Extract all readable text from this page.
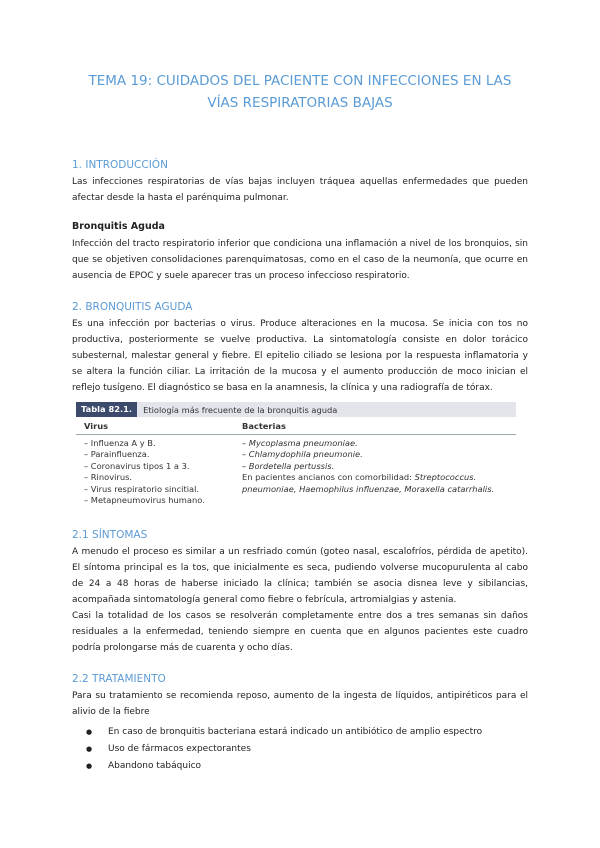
TEMA 19: CUIDADOS DEL PACIENTE CON INFECCIONES EN LAS
VÍAS RESPIRATORIAS BAJAS
1. INTRODUCCIÓN

Las infecciones respiratorias de vías bajas incluyen tráquea aquellas enfermedades que pueden afectar desde la hasta el parénquima pulmonar.

Bronquitis Aguda

Infección del tracto respiratorio inferior que condiciona una inflamación a nivel de los bronquios, sin que se objetiven consolidaciones parenquimatosas, como en el caso de la neumonía, que ocurre en ausencia de EPOC y suele aparecer tras un proceso infeccioso respiratorio.

2. BRONQUITIS AGUDA

Es una infección por bacterias o virus. Produce alteraciones en la mucosa. Se inicia con tos no productiva, posteriormente se vuelve productiva. La sintomatología consiste en dolor torácico subesternal, malestar general y fiebre. El epitelio ciliado se lesiona por la respuesta inflamatoria y se altera la función ciliar. La irritación de la mucosa y el aumento producción de moco inician el reflejo tusígeno. El diagnóstico se basa en la anamnesis, la clínica y una radiografía de tórax.

Tabla 82.1.	Etiología más frecuente de la bronquitis aguda
Virus	Bacterias
– Influenza A y B.
– Parainfluenza.
– Coronavirus tipos 1 a 3.
– Rinovirus.
– Virus respiratorio sincitial.
– Metapneumovirus humano.
– Mycoplasma pneumoniae.
– Chlamydophila pneumonie.
– Bordetella pertussis.
En pacientes ancianos con comorbilidad: Streptococcus.
pneumoniae, Haemophilus influenzae, Moraxella catarrhalis.
2.1 SÍNTOMAS

A menudo el proceso es similar a un resfriado común (goteo nasal, escalofríos, pérdida de apetito). El síntoma principal es la tos, que inicialmente es seca, pudiendo volverse mucopurulenta al cabo de 24 a 48 horas de haberse iniciado la clínica; también se asocia disnea leve y sibilancias, acompañada sintomatología general como fiebre o febrícula, artromialgias y astenia.

Casi la totalidad de los casos se resolverán completamente entre dos a tres semanas sin daños residuales a la enfermedad, teniendo siempre en cuenta que en algunos pacientes este cuadro podría prolongarse más de cuarenta y ocho días.

2.2 TRATAMIENTO

Para su tratamiento se recomienda reposo, aumento de la ingesta de líquidos, antipiréticos para el alivio de la fiebre

● En caso de bronquitis bacteriana estará indicado un antibiótico de amplio espectro
● Uso de fármacos expectorantes
● Abandono tabáquico
